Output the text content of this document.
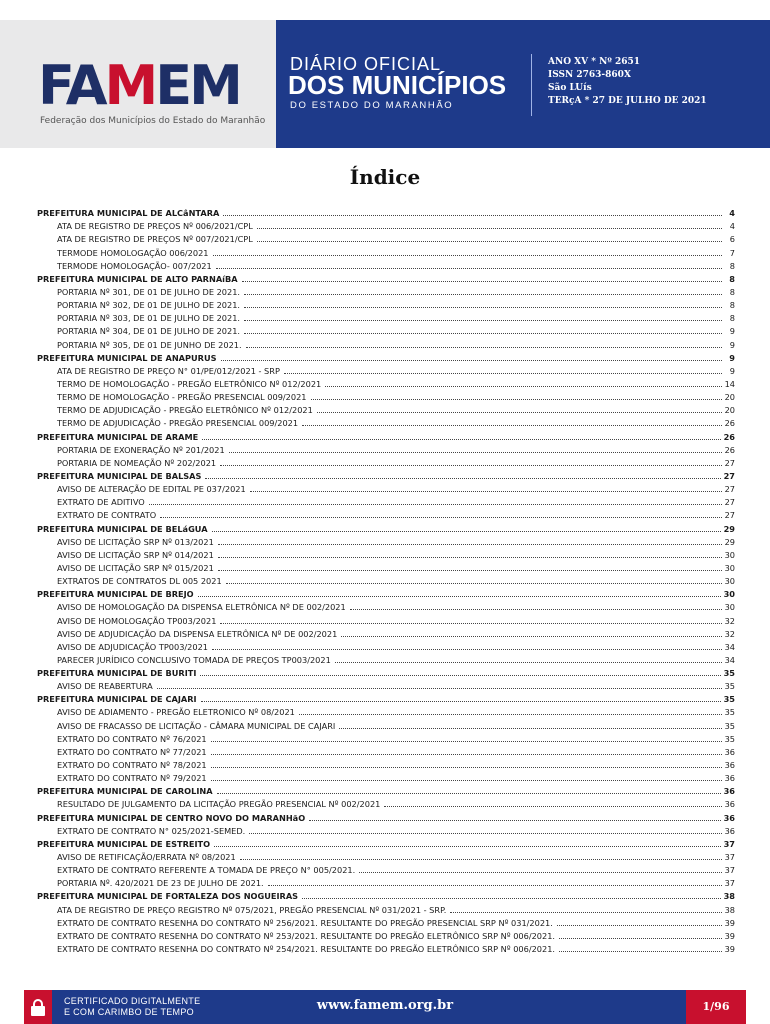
FAMEM
Federação dos Municípios do Estado do Maranhão
DIÁRIO OFICIAL
DOS MUNICÍPIOS
DO ESTADO DO MARANHÃO
ANO XV * Nº 2651
ISSN 2763-860X
São LUís
TERçA * 27 DE JULHO DE 2021
Índice
PREFEITURA MUNICIPAL DE ALCâNTARA	4
ATA DE REGISTRO DE PREÇOS Nº 006/2021/CPL	4
ATA DE REGISTRO DE PREÇOS Nº 007/2021/CPL	6
TERMODE HOMOLOGAÇÃO 006/2021	7
TERMODE HOMOLOGAÇÃO- 007/2021	8
PREFEITURA MUNICIPAL DE ALTO PARNAíBA	8
PORTARIA Nº 301, DE 01 DE JULHO DE 2021.	8
PORTARIA Nº 302, DE 01 DE JULHO DE 2021.	8
PORTARIA Nº 303, DE 01 DE JULHO DE 2021.	8
PORTARIA Nº 304, DE 01 DE JULHO DE 2021.	9
PORTARIA Nº 305, DE 01 DE JUNHO DE 2021.	9
PREFEITURA MUNICIPAL DE ANAPURUS	9
ATA DE REGISTRO DE PREÇO N° 01/PE/012/2021 - SRP	9
TERMO DE HOMOLOGAÇÃO - PREGÃO ELETRÔNICO Nº 012/2021	14
TERMO DE HOMOLOGAÇÃO - PREGÃO PRESENCIAL 009/2021	20
TERMO DE ADJUDICAÇÃO - PREGÃO ELETRÔNICO Nº 012/2021	20
TERMO DE ADJUDICAÇÃO - PREGÃO PRESENCIAL 009/2021	26
PREFEITURA MUNICIPAL DE ARAME	26
PORTARIA DE EXONERAÇÃO Nº 201/2021	26
PORTARIA DE NOMEAÇÃO Nº 202/2021	27
PREFEITURA MUNICIPAL DE BALSAS	27
AVISO DE ALTERAÇÃO DE EDITAL PE 037/2021	27
EXTRATO DE ADITIVO	27
EXTRATO DE CONTRATO	27
PREFEITURA MUNICIPAL DE BELáGUA	29
AVISO DE LICITAÇÃO SRP Nº 013/2021	29
AVISO DE LICITAÇÃO SRP Nº 014/2021	30
AVISO DE LICITAÇÃO SRP Nº 015/2021	30
EXTRATOS DE CONTRATOS DL 005 2021	30
PREFEITURA MUNICIPAL DE BREJO	30
AVISO DE HOMOLOGAÇÃO DA DISPENSA ELETRÔNICA Nº DE 002/2021	30
AVISO DE HOMOLOGAÇÃO TP003/2021	32
AVISO DE ADJUDICAÇÃO DA DISPENSA ELETRÔNICA Nº DE 002/2021	32
AVISO DE ADJUDICAÇÃO TP003/2021	34
PARECER JURÍDICO CONCLUSIVO TOMADA DE PREÇOS TP003/2021	34
PREFEITURA MUNICIPAL DE BURITI	35
AVISO DE REABERTURA	35
PREFEITURA MUNICIPAL DE CAJARI	35
AVISO DE ADIAMENTO - PREGÃO ELETRONICO Nº 08/2021	35
AVISO DE FRACASSO DE LICITAÇÃO - CÂMARA MUNICIPAL DE CAJARI	35
EXTRATO DO CONTRATO Nº 76/2021	35
EXTRATO DO CONTRATO Nº 77/2021	36
EXTRATO DO CONTRATO Nº 78/2021	36
EXTRATO DO CONTRATO Nº 79/2021	36
PREFEITURA MUNICIPAL DE CAROLINA	36
RESULTADO DE JULGAMENTO DA LICITAÇÃO PREGÃO PRESENCIAL Nº 002/2021	36
PREFEITURA MUNICIPAL DE CENTRO NOVO DO MARANHãO	36
EXTRATO DE CONTRATO N° 025/2021-SEMED.	36
PREFEITURA MUNICIPAL DE ESTREITO	37
AVISO DE RETIFICAÇÃO/ERRATA Nº 08/2021	37
EXTRATO DE CONTRATO REFERENTE A TOMADA DE PREÇO N° 005/2021.	37
PORTARIA Nº. 420/2021 DE 23 DE JULHO DE 2021.	37
PREFEITURA MUNICIPAL DE FORTALEZA DOS NOGUEIRAS	38
ATA DE REGISTRO DE PREÇO REGISTRO Nº 075/2021, PREGÃO PRESENCIAL Nº 031/2021 - SRP.	38
EXTRATO DE CONTRATO RESENHA DO CONTRATO Nº 256/2021. RESULTANTE DO PREGÃO PRESENCIAL SRP Nº 031/2021.	39
EXTRATO DE CONTRATO RESENHA DO CONTRATO Nº 253/2021. RESULTANTE DO PREGÃO ELETRÔNICO SRP Nº 006/2021.	39
EXTRATO DE CONTRATO RESENHA DO CONTRATO Nº 254/2021. RESULTANTE DO PREGÃO ELETRÔNICO SRP Nº 006/2021.	39
CERTIFICADO DIGITALMENTE
E COM CARIMBO DE TEMPO	www.famem.org.br	1/96
